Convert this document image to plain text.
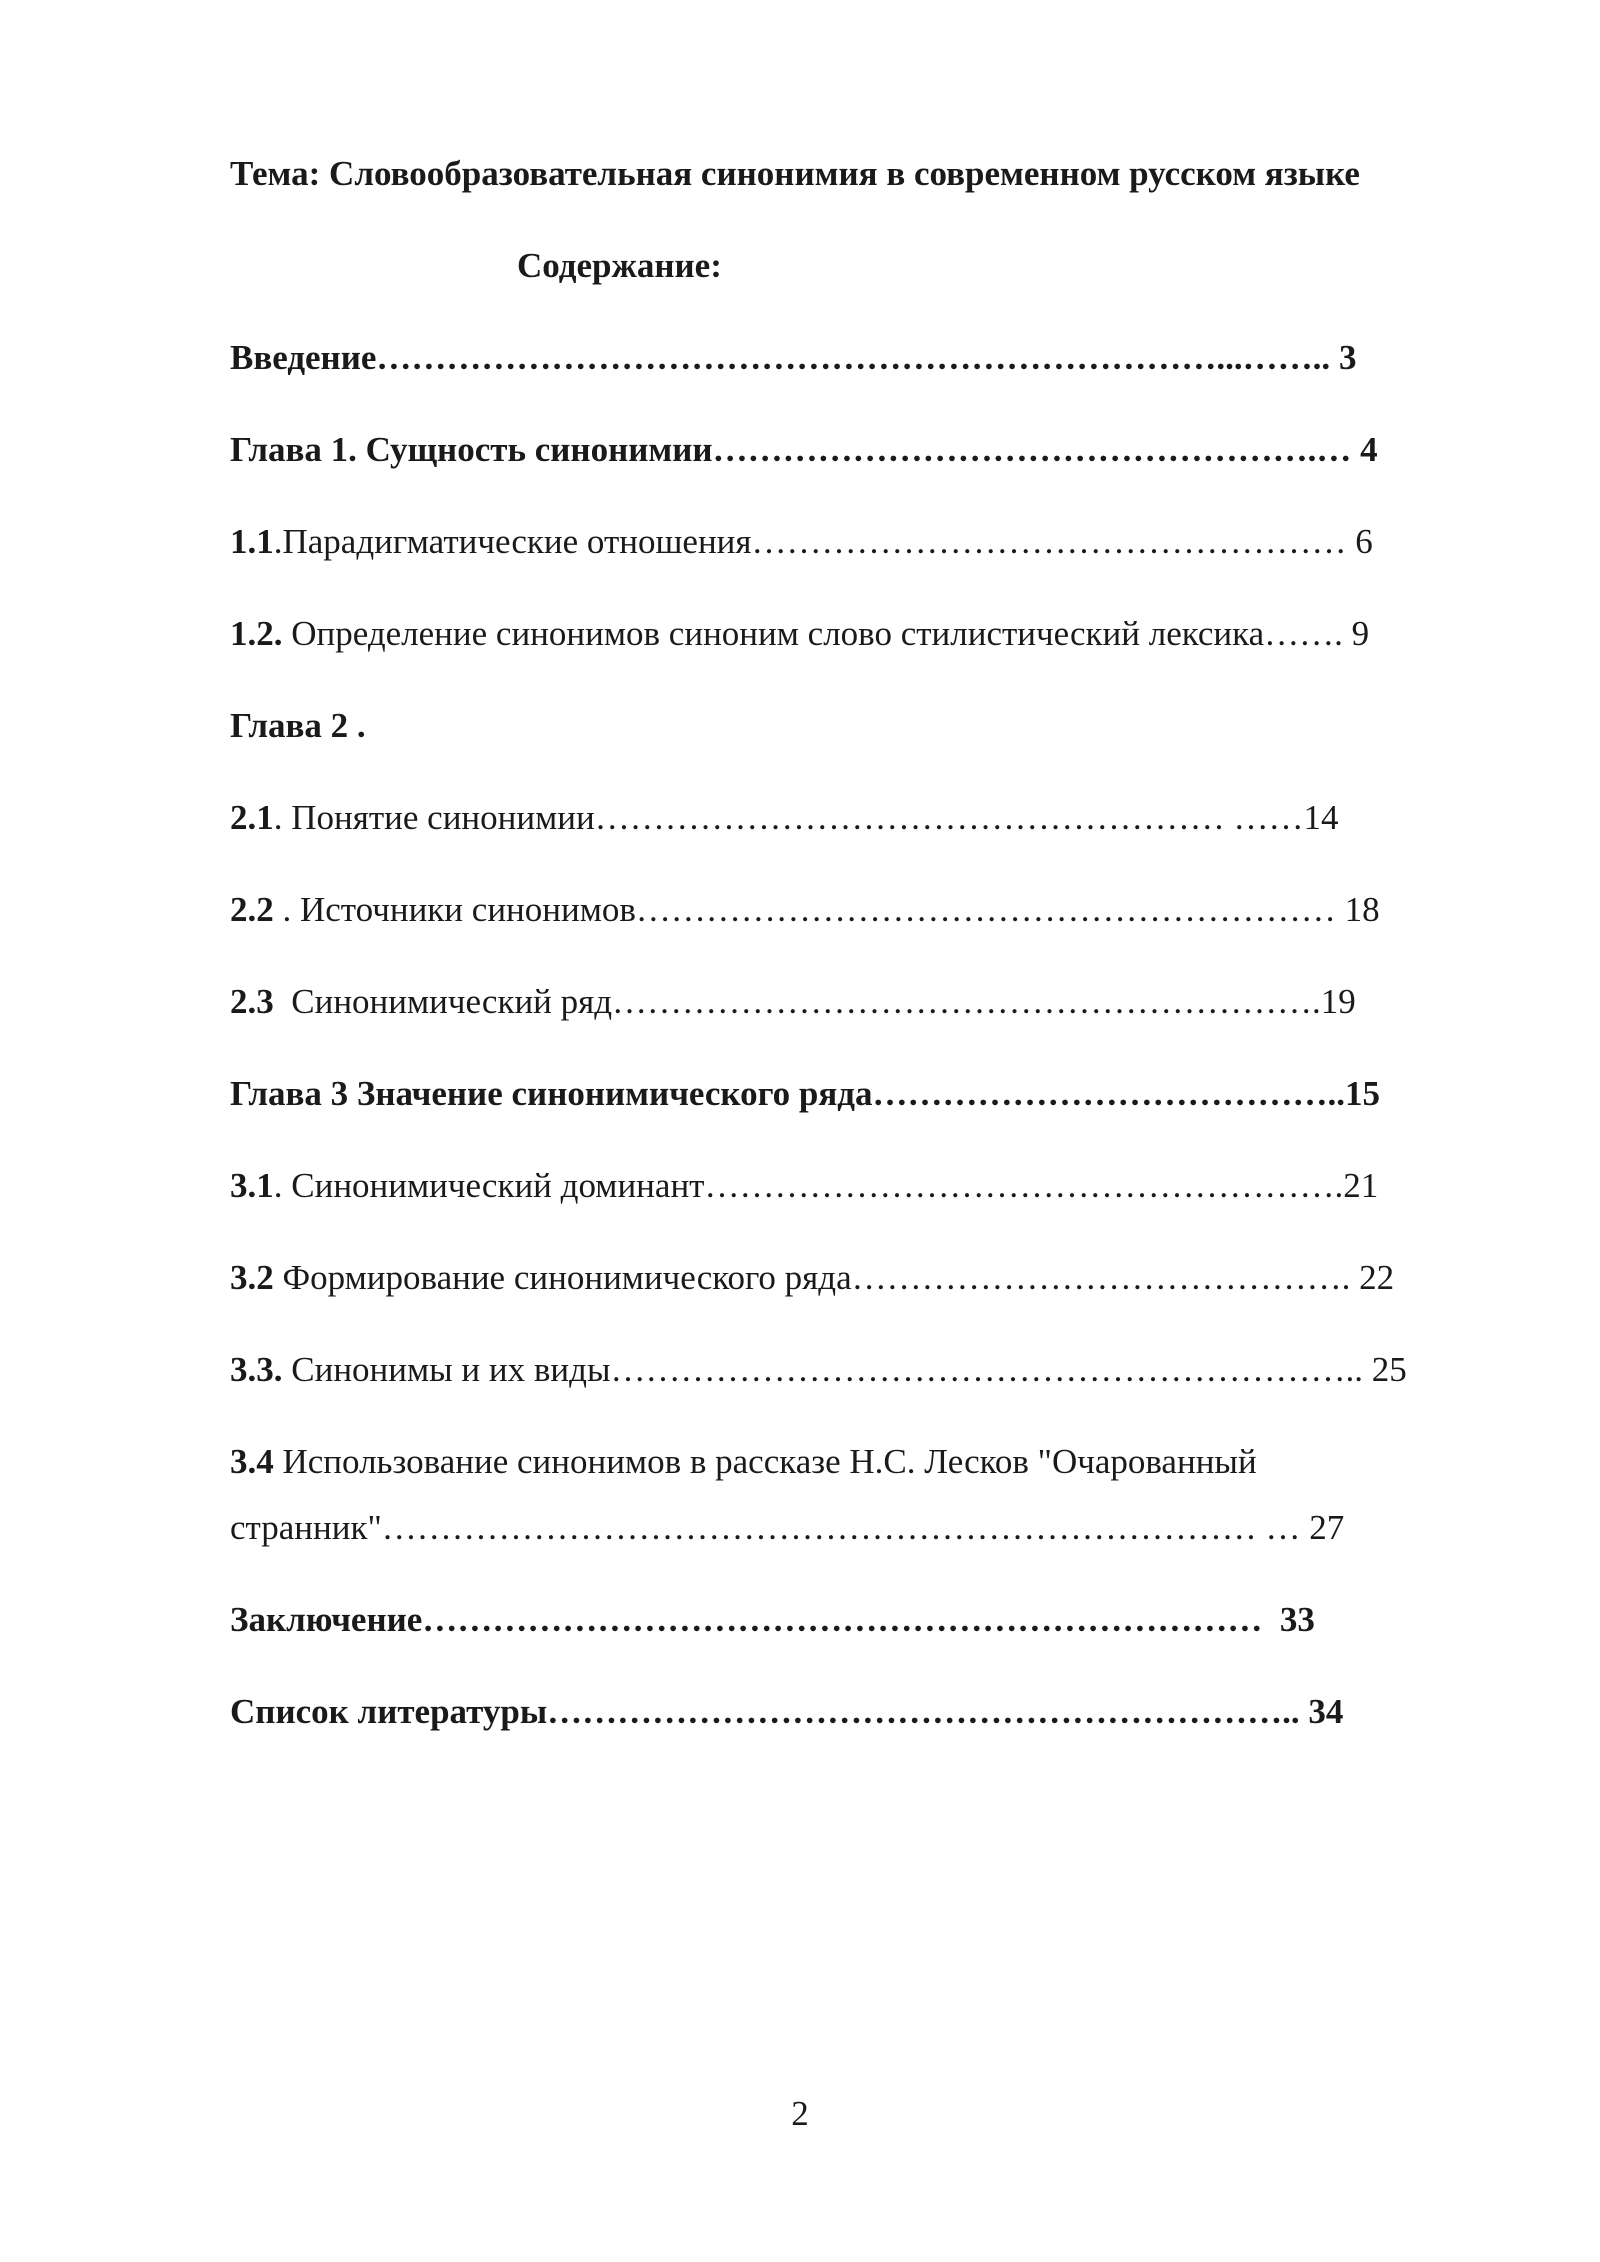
Тема: Словообразовательная синонимия в современном русском языке
Содержание:
Введение………………………………………………………………...…….. 3
Глава 1. Сущность синонимии…………………………………………….… 4
1.1.Парадигматические отношения…………………………………………… 6
1.2. Определение синонимов синоним слово стилистический лексика……. 9
Глава 2 .
2.1. Понятие синонимии……………………………………………… ……14
2.2 . Источники синонимов…………………………………………………… 18
2.3  Синонимический ряд…………………………………………………….19
Глава 3 Значение синонимического ряда…………………………………..15
3.1. Синонимический доминант……………………………………………….21
3.2 Формирование синонимического ряда……………………………………. 22
3.3. Синонимы и их виды……………………………………………………….. 25
3.4 Использование синонимов в рассказе Н.С. Лесков "Очарованный
странник"………………………………………………………………… … 27
Заключение………………………………………………………………  33
Список литературы……………………………………………………….. 34
2
